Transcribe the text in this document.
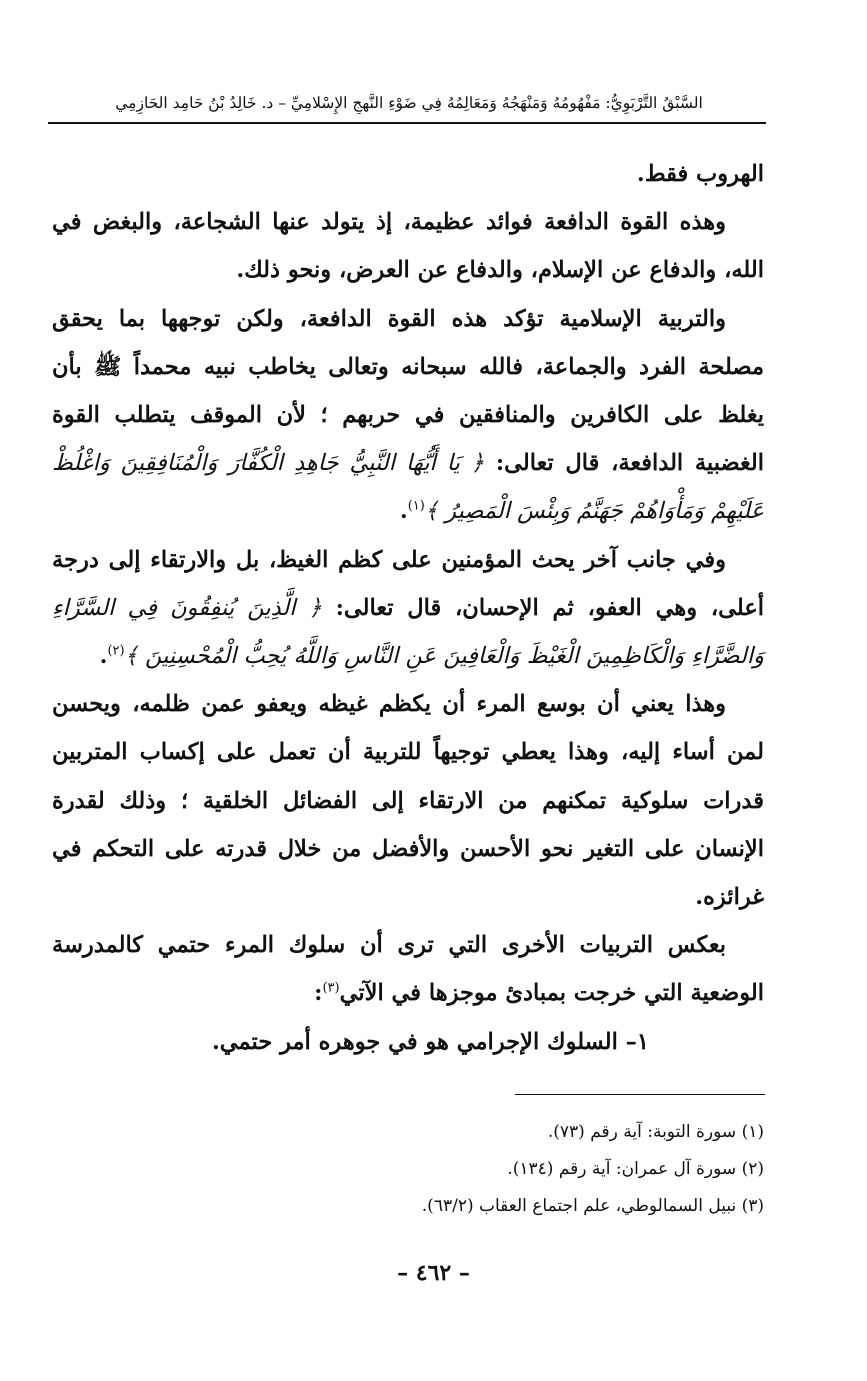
السَّبْقُ التَّرْبَوِيُّ: مَفْهُومُهُ وَمَنْهَجُهُ وَمَعَالِمُهُ فِي ضَوْءِ النَّهجِ الإِسْلامِيِّ – د. خَالِدُ بْنُ حَامِد الحَازِمِي

الهروب فقط.

وهذه القوة الدافعة فوائد عظيمة، إذ يتولد عنها الشجاعة، والبغض في الله، والدفاع عن الإسلام، والدفاع عن العرض، ونحو ذلك.

والتربية الإسلامية تؤكد هذه القوة الدافعة، ولكن توجهها بما يحقق مصلحة الفرد والجماعة، فالله سبحانه وتعالى يخاطب نبيه محمداً ﷺ بأن يغلظ على الكافرين والمنافقين في حربهم ؛ لأن الموقف يتطلب القوة الغضبية الدافعة، قال تعالى: ﴿ يَا أَيُّهَا النَّبِيُّ جَاهِدِ الْكُفَّارَ وَالْمُنَافِقِينَ وَاغْلُظْ عَلَيْهِمْ وَمَأْوَاهُمْ جَهَنَّمُ وَبِئْسَ الْمَصِيرُ ﴾$^{(١)}$.

وفي جانب آخر يحث المؤمنين على كظم الغيظ، بل والارتقاء إلى درجة أعلى، وهي العفو، ثم الإحسان، قال تعالى: ﴿ الَّذِينَ يُنفِقُونَ فِي السَّرَّاءِ وَالضَّرَّاءِ وَالْكَاظِمِينَ الْغَيْظَ وَالْعَافِينَ عَنِ النَّاسِ وَاللَّهُ يُحِبُّ الْمُحْسِنِينَ ﴾$^{(٢)}$.

وهذا يعني أن بوسع المرء أن يكظم غيظه ويعفو عمن ظلمه، ويحسن لمن أساء إليه، وهذا يعطي توجيهاً للتربية أن تعمل على إكساب المتربين قدرات سلوكية تمكنهم من الارتقاء إلى الفضائل الخلقية ؛ وذلك لقدرة الإنسان على التغير نحو الأحسن والأفضل من خلال قدرته على التحكم في غرائزه.

بعكس التربيات الأخرى التي ترى أن سلوك المرء حتمي كالمدرسة الوضعية التي خرجت بمبادئ موجزها في الآتي$^{(٣)}$:

١– السلوك الإجرامي هو في جوهره أمر حتمي.

(١) سورة التوبة: آية رقم (٧٣).

(٢) سورة آل عمران: آية رقم (١٣٤).

(٣) نبيل السمالوطي، علم اجتماع العقاب (٦٣/٢).

– ٤٦٢ –
